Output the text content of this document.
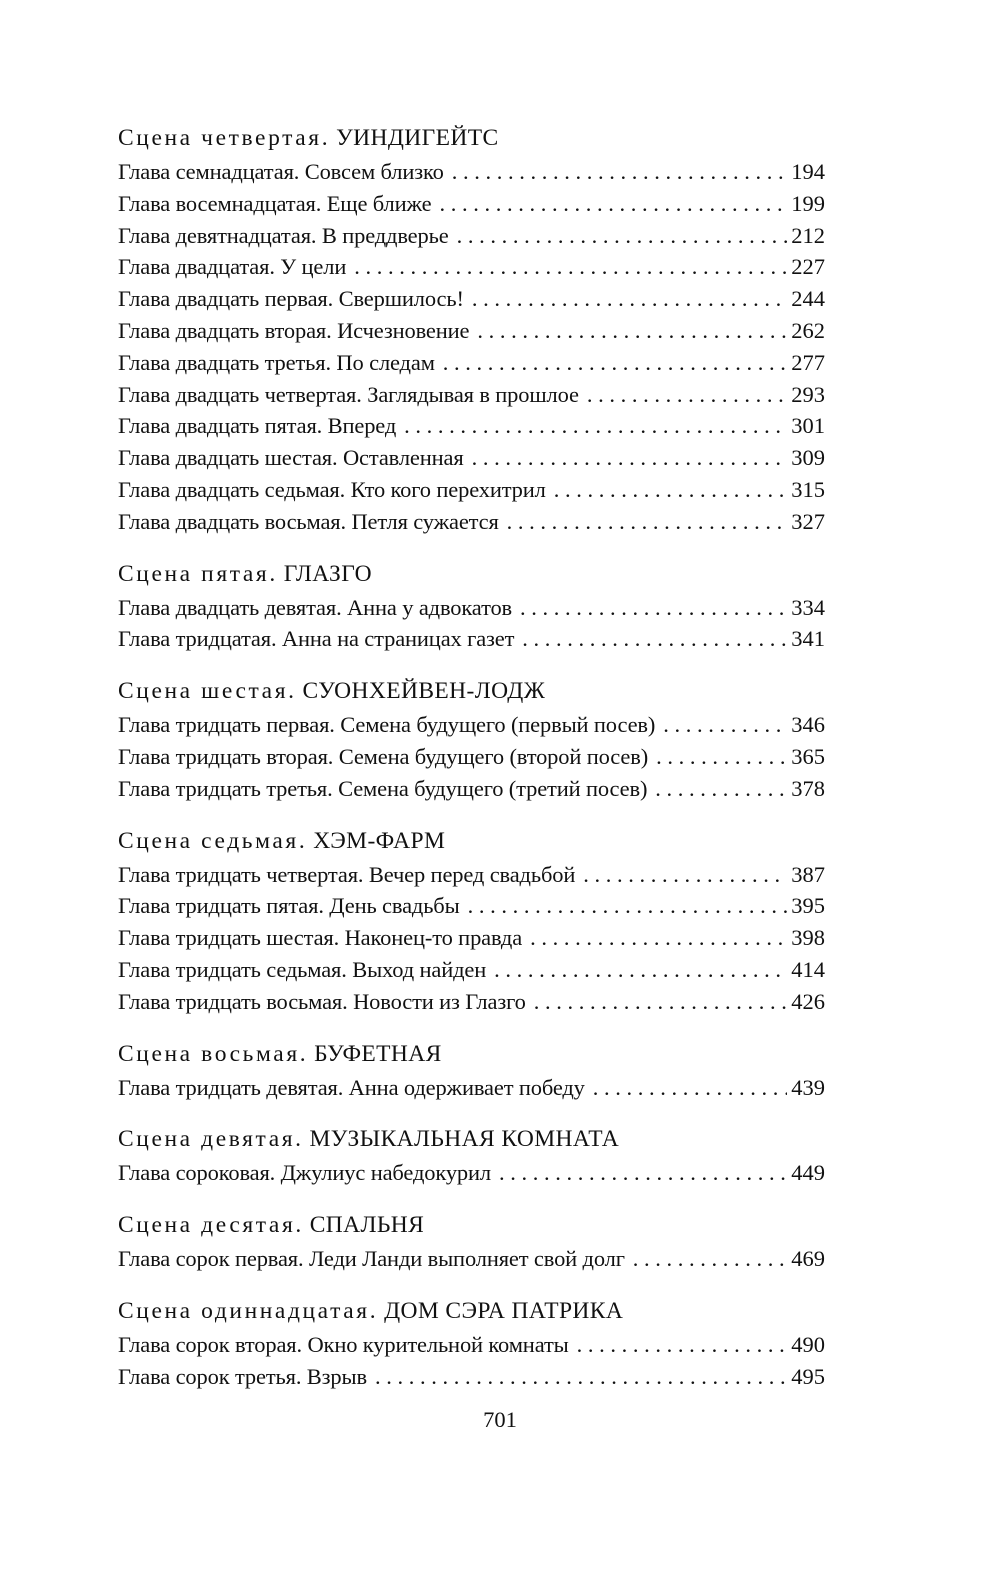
Сцена четвертая. УИНДИГЕЙТС
Глава семнадцатая. Совсем близко . . .	194
Глава восемнадцатая. Еще ближе . . .	199
Глава девятнадцатая. В преддверье . . .	212
Глава двадцатая. У цели . . .	227
Глава двадцать первая. Свершилось! . . .	244
Глава двадцать вторая. Исчезновение . . .	262
Глава двадцать третья. По следам . . .	277
Глава двадцать четвертая. Заглядывая в прошлое . . .	293
Глава двадцать пятая. Вперед . . .	301
Глава двадцать шестая. Оставленная . . .	309
Глава двадцать седьмая. Кто кого перехитрил . . .	315
Глава двадцать восьмая. Петля сужается . . .	327
Сцена пятая. ГЛАЗГО
Глава двадцать девятая. Анна у адвокатов . . .	334
Глава тридцатая. Анна на страницах газет . . .	341
Сцена шестая. СУОНХЕЙВЕН-ЛОДЖ
Глава тридцать первая. Семена будущего (первый посев) . . .	346
Глава тридцать вторая. Семена будущего (второй посев) . . .	365
Глава тридцать третья. Семена будущего (третий посев) . . .	378
Сцена седьмая. ХЭМ-ФАРМ
Глава тридцать четвертая. Вечер перед свадьбой . . .	387
Глава тридцать пятая. День свадьбы . . .	395
Глава тридцать шестая. Наконец-то правда . . .	398
Глава тридцать седьмая. Выход найден . . .	414
Глава тридцать восьмая. Новости из Глазго . . .	426
Сцена восьмая. БУФЕТНАЯ
Глава тридцать девятая. Анна одерживает победу . . .	439
Сцена девятая. МУЗЫКАЛЬНАЯ КОМНАТА
Глава сороковая. Джулиус набедокурил . . .	449
Сцена десятая. СПАЛЬНЯ
Глава сорок первая. Леди Ланди выполняет свой долг . . .	469
Сцена одиннадцатая. ДОМ СЭРА ПАТРИКА
Глава сорок вторая. Окно курительной комнаты . . .	490
Глава сорок третья. Взрыв . . .	495
701
